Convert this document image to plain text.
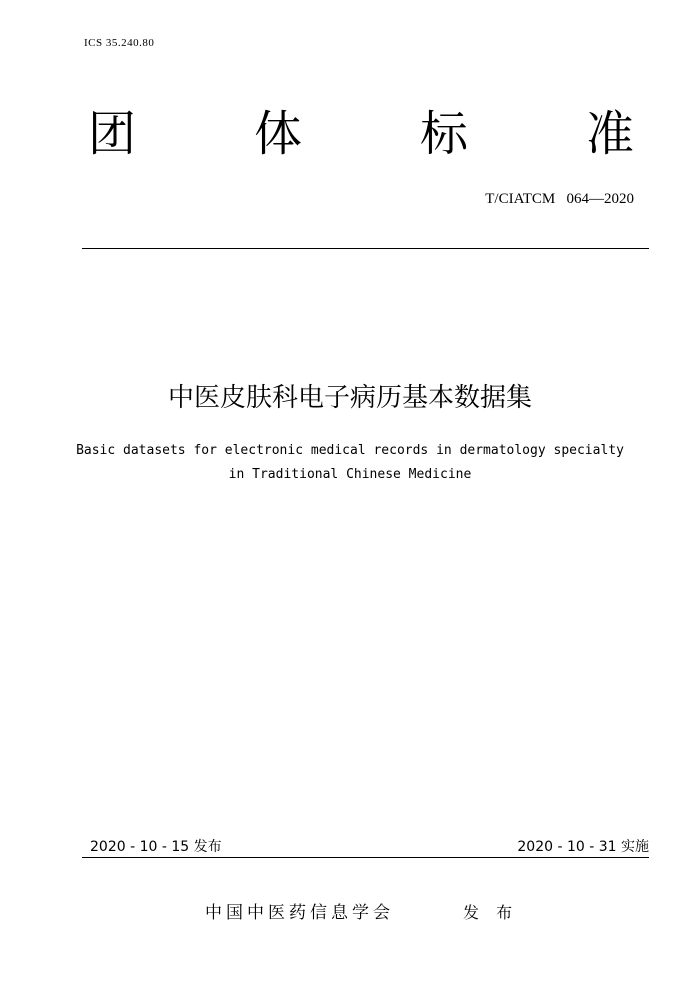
ICS 35.240.80
团 体 标 准
T/CIATCM   064—2020
中医皮肤科电子病历基本数据集
Basic datasets for electronic medical records in dermatology specialty
in Traditional Chinese Medicine
2020 - 10 - 15 发布	2020 - 10 - 31 实施
中国中医药信息学会	发 布
